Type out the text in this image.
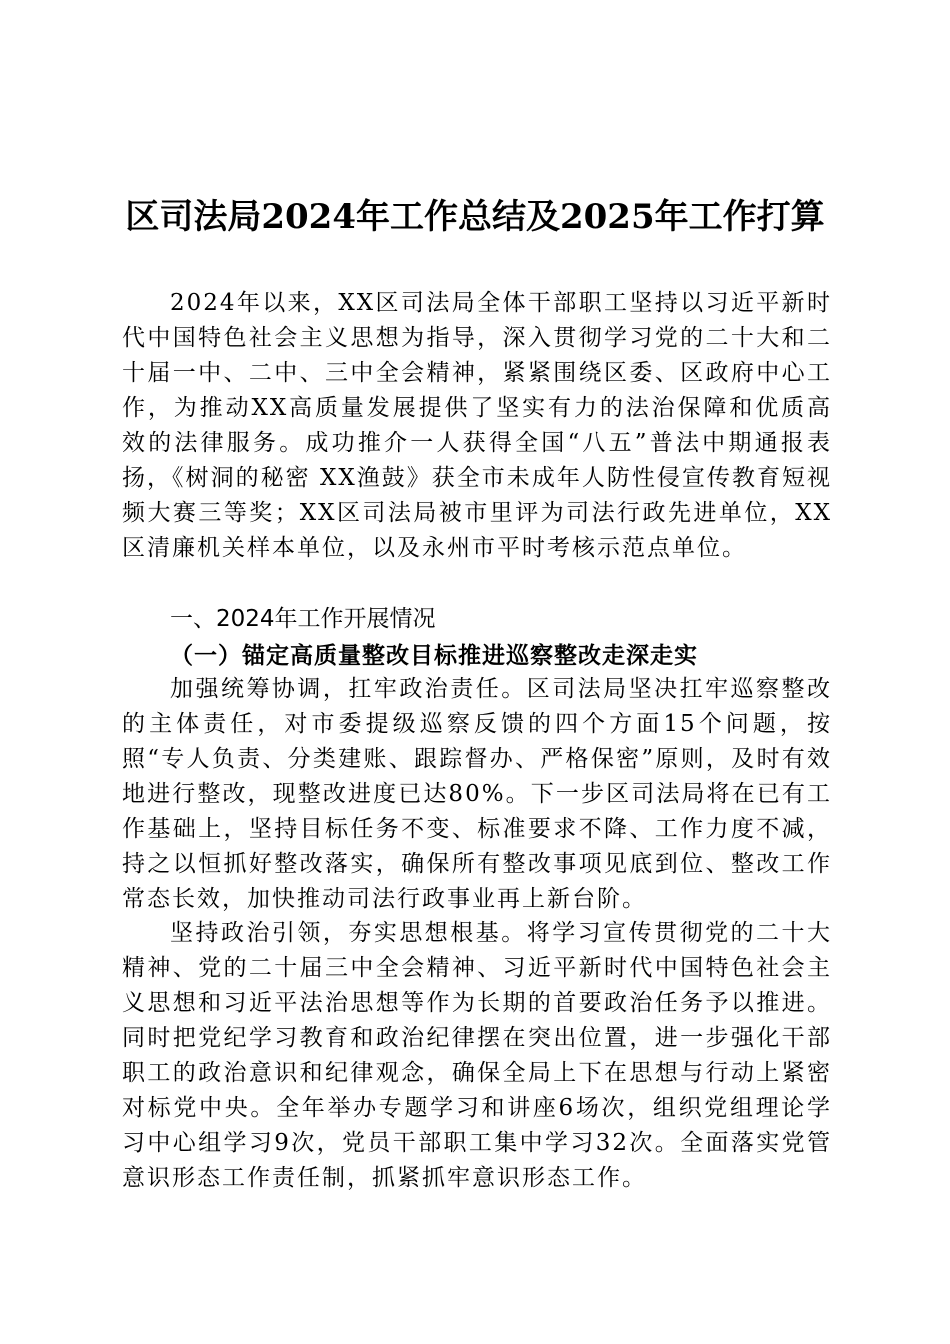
区司法局2024年工作总结及2025年工作打算

2024年以来，XX区司法局全体干部职工坚持以习近平新时代中国特色社会主义思想为指导，深入贯彻学习党的二十大和二十届一中、二中、三中全会精神，紧紧围绕区委、区政府中心工作，为推动XX高质量发展提供了坚实有力的法治保障和优质高效的法律服务。成功推介一人获得全国“八五”普法中期通报表扬，《树洞的秘密 XX渔鼓》获全市未成年人防性侵宣传教育短视频大赛三等奖；XX区司法局被市里评为司法行政先进单位，XX区清廉机关样本单位，以及永州市平时考核示范点单位。

一、2024年工作开展情况
（一）锚定高质量整改目标推进巡察整改走深走实

加强统筹协调，扛牢政治责任。区司法局坚决扛牢巡察整改的主体责任，对市委提级巡察反馈的四个方面15个问题，按照“专人负责、分类建账、跟踪督办、严格保密”原则，及时有效地进行整改，现整改进度已达80%。下一步区司法局将在已有工作基础上，坚持目标任务不变、标准要求不降、工作力度不减，持之以恒抓好整改落实，确保所有整改事项见底到位、整改工作常态长效，加快推动司法行政事业再上新台阶。

坚持政治引领，夯实思想根基。将学习宣传贯彻党的二十大精神、党的二十届三中全会精神、习近平新时代中国特色社会主义思想和习近平法治思想等作为长期的首要政治任务予以推进。同时把党纪学习教育和政治纪律摆在突出位置，进一步强化干部职工的政治意识和纪律观念，确保全局上下在思想与行动上紧密对标党中央。全年举办专题学习和讲座6场次，组织党组理论学习中心组学习9次，党员干部职工集中学习32次。全面落实党管意识形态工作责任制，抓紧抓牢意识形态工作。
